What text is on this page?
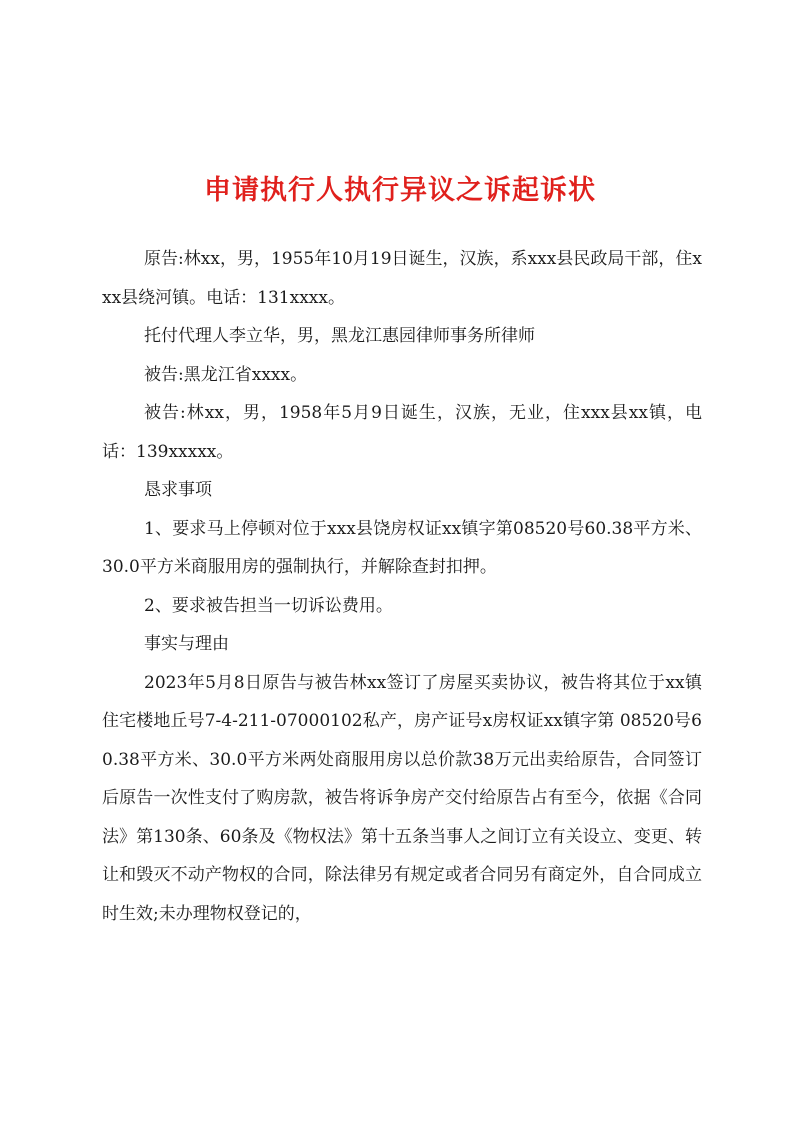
申请执行人执行异议之诉起诉状

原告:林xx，男，1955年10月19日诞生，汉族，系xxx县民政局干部，住xxx县绕河镇。电话：131xxxx。

托付代理人李立华，男，黑龙江惠园律师事务所律师

被告:黑龙江省xxxx。

被告:林xx，男，1958年5月9日诞生，汉族，无业，住xxx县xx镇，电话：139xxxxx。

恳求事项

1、要求马上停顿对位于xxx县饶房权证xx镇字第08520号60.38平方米、30.0平方米商服用房的强制执行，并解除查封扣押。

2、要求被告担当一切诉讼费用。

事实与理由

2023年5月8日原告与被告林xx签订了房屋买卖协议，被告将其位于xx镇住宅楼地丘号7-4-211-07000102私产，房产证号x房权证xx镇字第 08520号60.38平方米、30.0平方米两处商服用房以总价款38万元出卖给原告，合同签订后原告一次性支付了购房款，被告将诉争房产交付给原告占有至今，依据《合同法》第130条、60条及《物权法》第十五条当事人之间订立有关设立、变更、转让和毁灭不动产物权的合同，除法律另有规定或者合同另有商定外，自合同成立时生效;未办理物权登记的，
